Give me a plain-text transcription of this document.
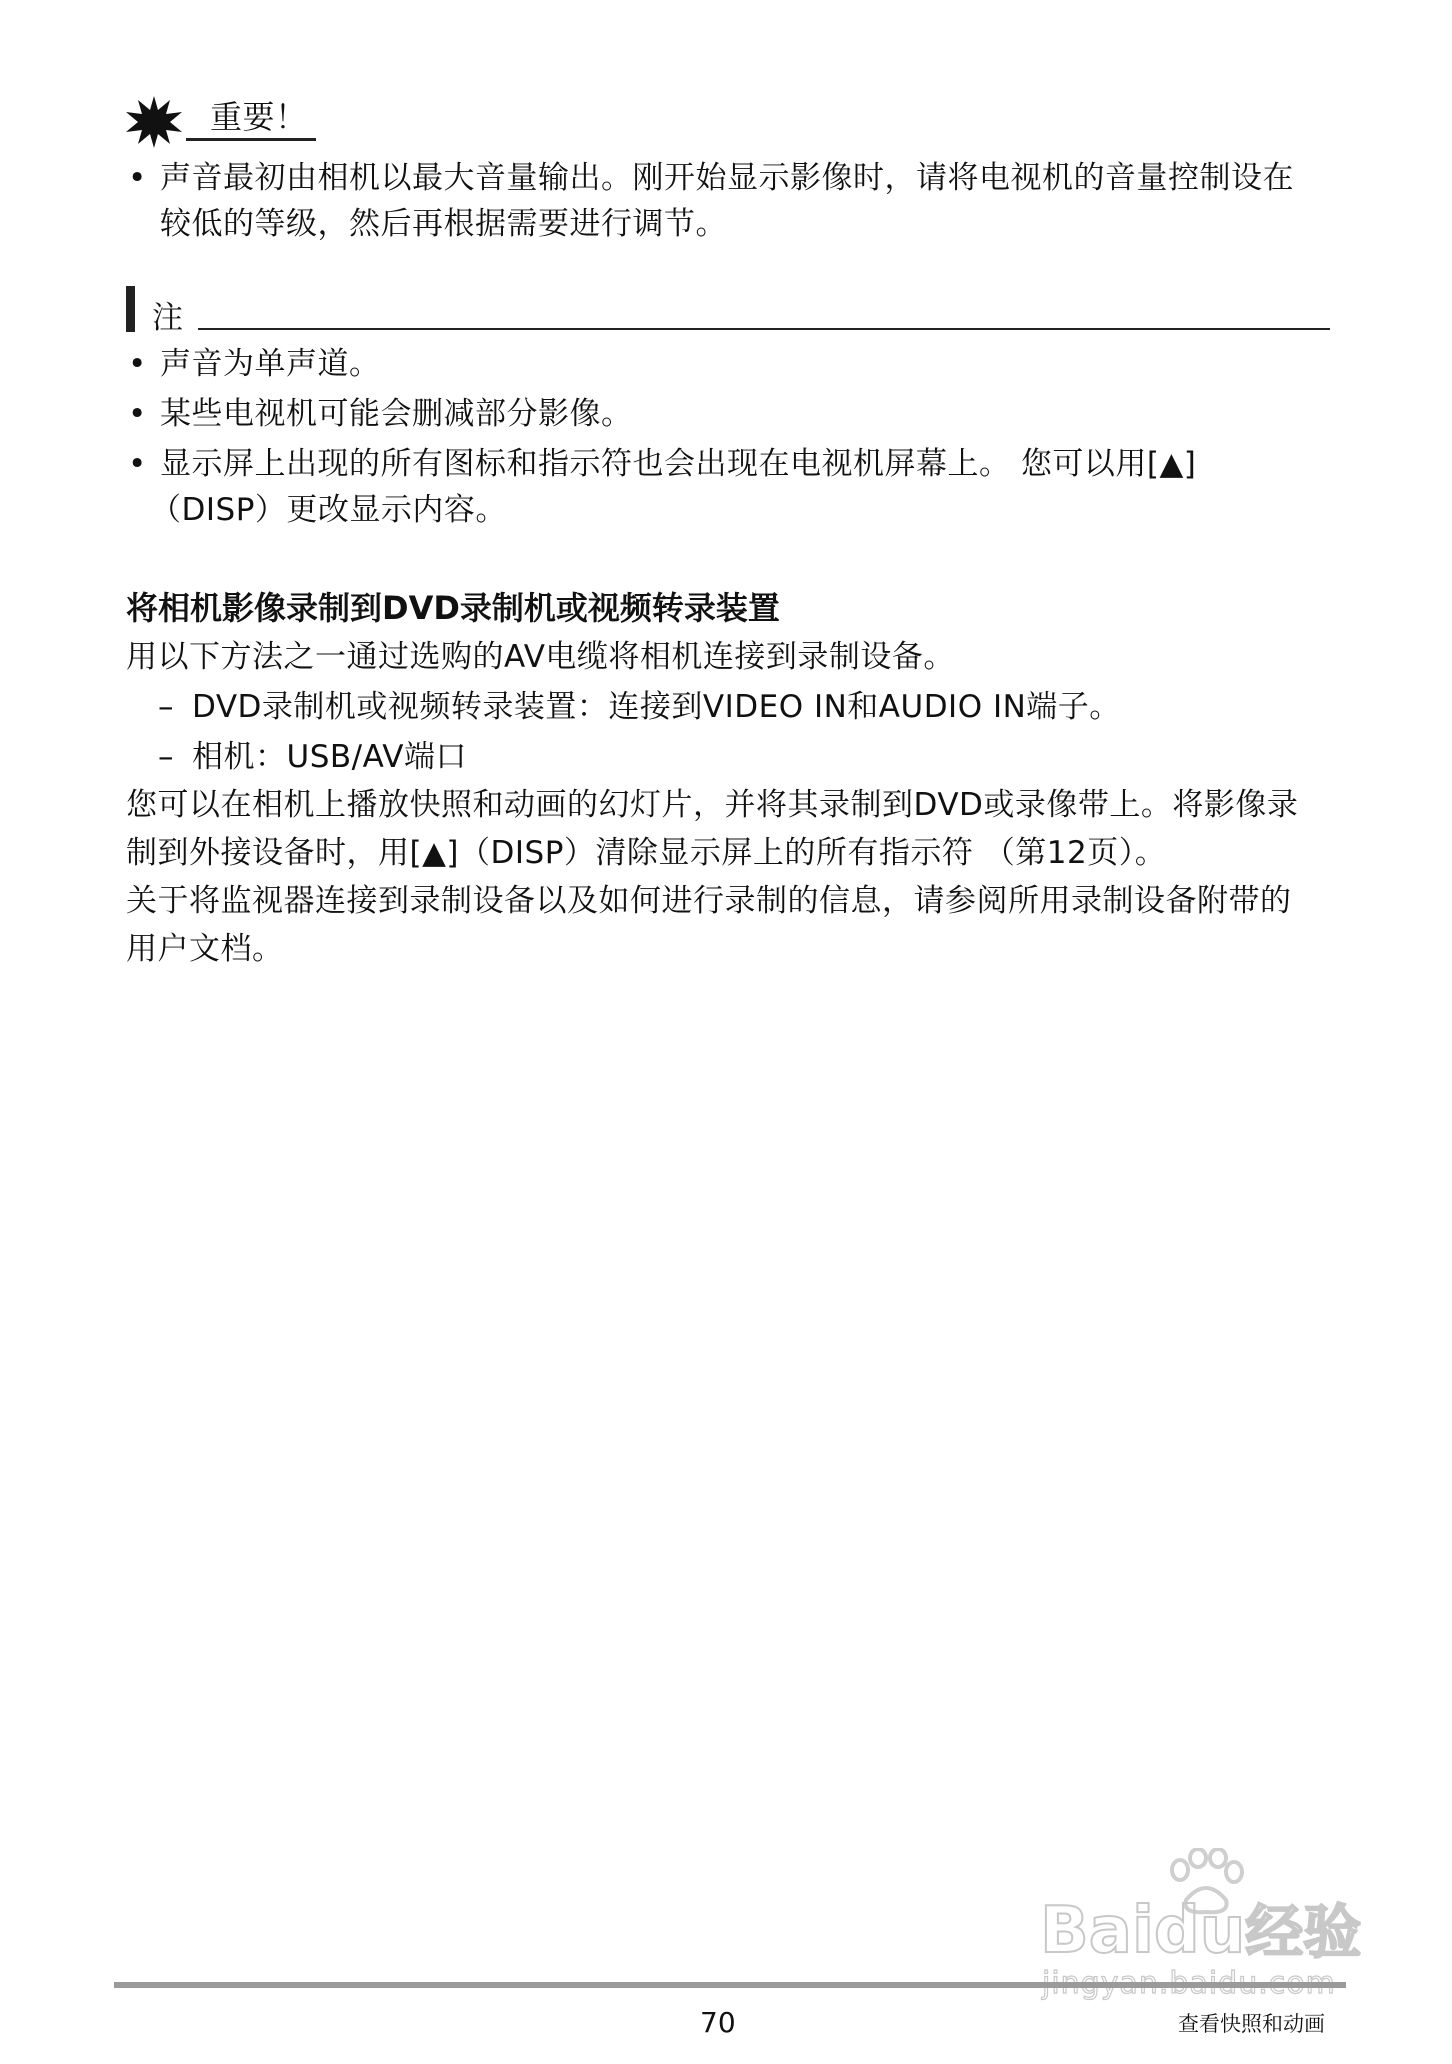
重要！
• 声音最初由相机以最大音量输出。刚开始显示影像时，请将电视机的音量控制设在
较低的等级，然后再根据需要进行调节。
注
• 声音为单声道。
• 某些电视机可能会删减部分影像。
• 显示屏上出现的所有图标和指示符也会出现在电视机屏幕上。 您可以用[▲]
（DISP）更改显示内容。
将相机影像录制到DVD录制机或视频转录装置
用以下方法之一通过选购的AV电缆将相机连接到录制设备。
– DVD录制机或视频转录装置：连接到VIDEO IN和AUDIO IN端子。
– 相机：USB/AV端口
您可以在相机上播放快照和动画的幻灯片，并将其录制到DVD或录像带上。将影像录
制到外接设备时，用[▲]（DISP）清除显示屏上的所有指示符 （第12页）。
关于将监视器连接到录制设备以及如何进行录制的信息，请参阅所用录制设备附带的
用户文档。
Baidu经验
70	查看快照和动画
